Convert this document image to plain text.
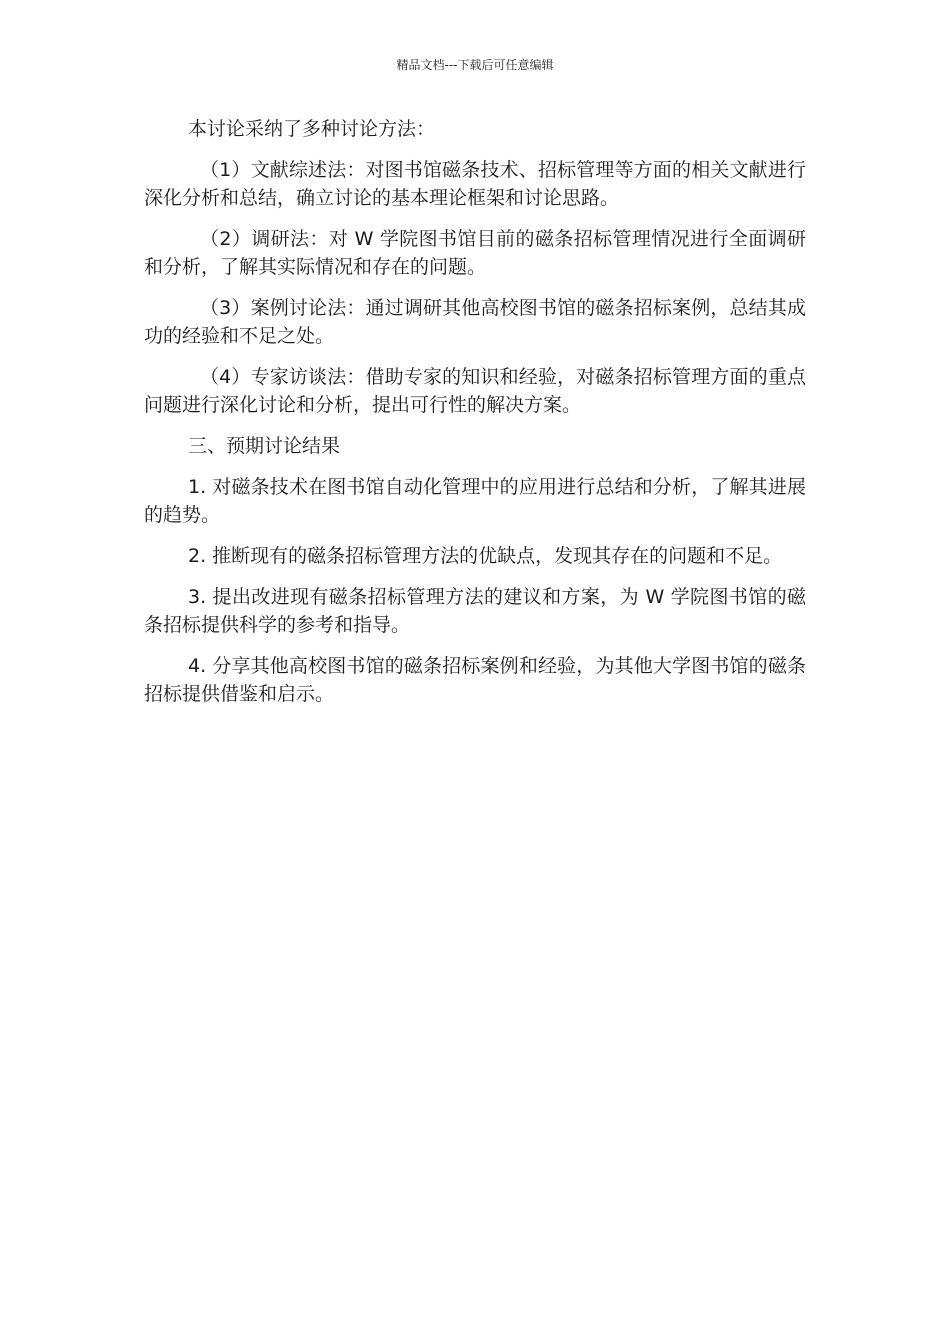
精品文档---下载后可任意编辑

本讨论采纳了多种讨论方法：

（1）文献综述法：对图书馆磁条技术、招标管理等方面的相关文献进行深化分析和总结，确立讨论的基本理论框架和讨论思路。

（2）调研法：对 W 学院图书馆目前的磁条招标管理情况进行全面调研和分析，了解其实际情况和存在的问题。

（3）案例讨论法：通过调研其他高校图书馆的磁条招标案例，总结其成功的经验和不足之处。

（4）专家访谈法：借助专家的知识和经验，对磁条招标管理方面的重点问题进行深化讨论和分析，提出可行性的解决方案。

三、预期讨论结果

1. 对磁条技术在图书馆自动化管理中的应用进行总结和分析，了解其进展的趋势。

2. 推断现有的磁条招标管理方法的优缺点，发现其存在的问题和不足。

3. 提出改进现有磁条招标管理方法的建议和方案，为 W 学院图书馆的磁条招标提供科学的参考和指导。

4. 分享其他高校图书馆的磁条招标案例和经验，为其他大学图书馆的磁条招标提供借鉴和启示。
